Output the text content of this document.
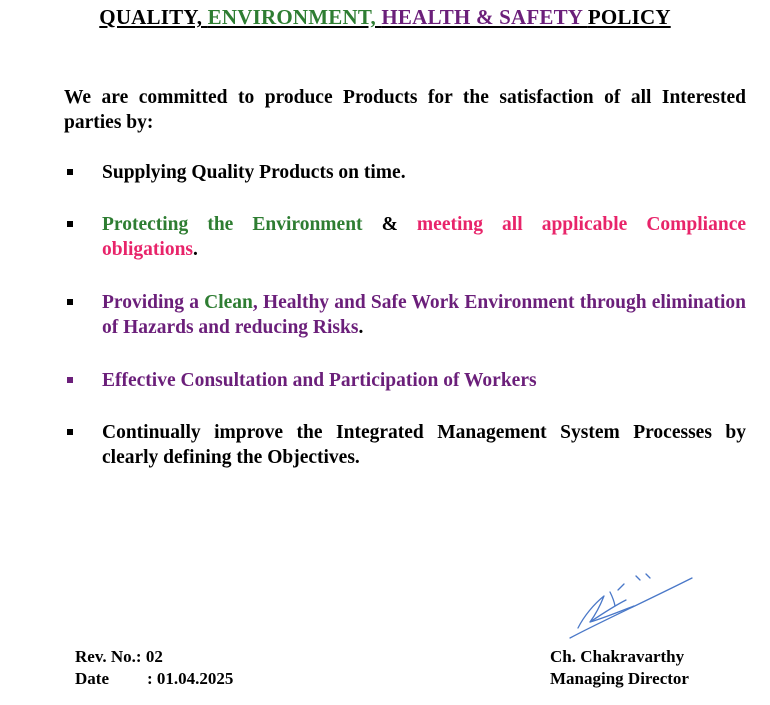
QUALITY, ENVIRONMENT, HEALTH & SAFETY POLICY
We are committed to produce Products for the satisfaction of all Interested parties by:
Supplying Quality Products on time.
Protecting the Environment & meeting all applicable Compliance obligations.
Providing a Clean, Healthy and Safe Work Environment through elimination of Hazards and reducing Risks.
Effective Consultation and Participation of Workers
Continually improve the Integrated Management System Processes by clearly defining the Objectives.
Rev. No.: 02
Date : 01.04.2025
Ch. Chakravarthy
Managing Director
